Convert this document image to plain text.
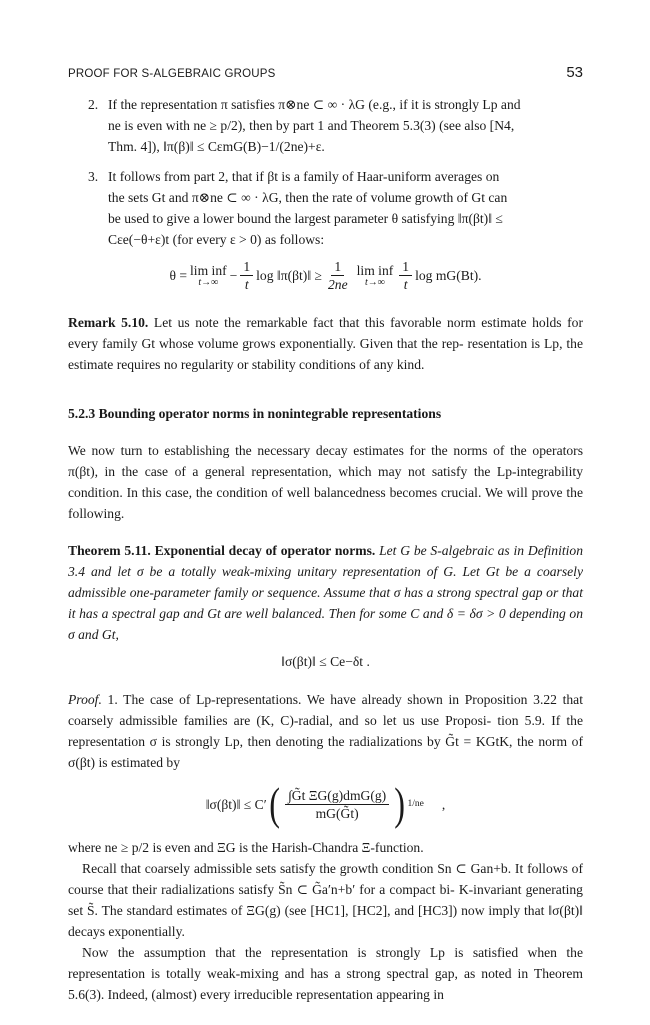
PROOF FOR S-ALGEBRAIC GROUPS	53
2. If the representation π satisfies π⊗ne ⊂ ∞ · λG (e.g., if it is strongly Lp and
ne is even with ne ≥ p/2), then by part 1 and Theorem 5.3(3) (see also [N4,
Thm. 4]), ‖π(β)‖ ≤ CεmG(B)−1/(2ne)+ε.
3. It follows from part 2, that if βt is a family of Haar-uniform averages on
the sets Gt and π⊗ne ⊂ ∞ · λG, then the rate of volume growth of Gt can
be used to give a lower bound the largest parameter θ satisfying ‖π(βt)‖ ≤
Cεe(−θ+ε)t (for every ε > 0) as follows:
θ = lim inf
$t\to\infty - \frac{1}{t}$ log ‖π(βt)‖ ≥ $\frac{1}{2ne}$ lim inf
$t\to\infty \frac{1}{t}$ log mG(Bt).

Remark 5.10. Let us note the remarkable fact that this favorable norm estimate holds for every family Gt whose volume grows exponentially. Given that the rep- resentation is Lp, the estimate requires no regularity or stability conditions of any kind.

5.2.3 Bounding operator norms in nonintegrable representations

We now turn to establishing the necessary decay estimates for the norms of the operators π(βt), in the case of a general representation, which may not satisfy the Lp-integrability condition. In this case, the condition of well balancedness becomes crucial. We will prove the following.

Theorem 5.11. Exponential decay of operator norms. Let G be S-algebraic as in Definition 3.4 and let σ be a totally weak-mixing unitary representation of G. Let Gt be a coarsely admissible one-parameter family or sequence. Assume that σ has a strong spectral gap or that it has a spectral gap and Gt are well balanced. Then for some C and δ = δσ > 0 depending on σ and Gt,

‖σ(βt)‖ ≤ Ce−δt .

Proof. 1. The case of Lp-representations. We have already shown in Proposition 3.22 that coarsely admissible families are (K, C)-radial, and so let us use Proposi- tion 5.9. If the representation σ is strongly Lp, then denoting the radializations by G̃t = KGtK, the norm of σ(βt) is estimated by

‖σ(βt)‖ ≤ C′ ( $\frac{\text{∫G̃t ΞG(g)dmG(g)}}{mG(G̃t)}$ ) 1/ne ,

where ne ≥ p/2 is even and ΞG is the Harish-Chandra Ξ-function.

Recall that coarsely admissible sets satisfy the growth condition Sn ⊂ Gan+b. It follows of course that their radializations satisfy S̃n ⊂ G̃a′n+b′ for a compact bi- K-invariant generating set S̃. The standard estimates of ΞG(g) (see [HC1], [HC2], and [HC3]) now imply that ‖σ(βt)‖ decays exponentially.

Now the assumption that the representation is strongly Lp is satisfied when the representation is totally weak-mixing and has a strong spectral gap, as noted in Theorem 5.6(3). Indeed, (almost) every irreducible representation appearing in
